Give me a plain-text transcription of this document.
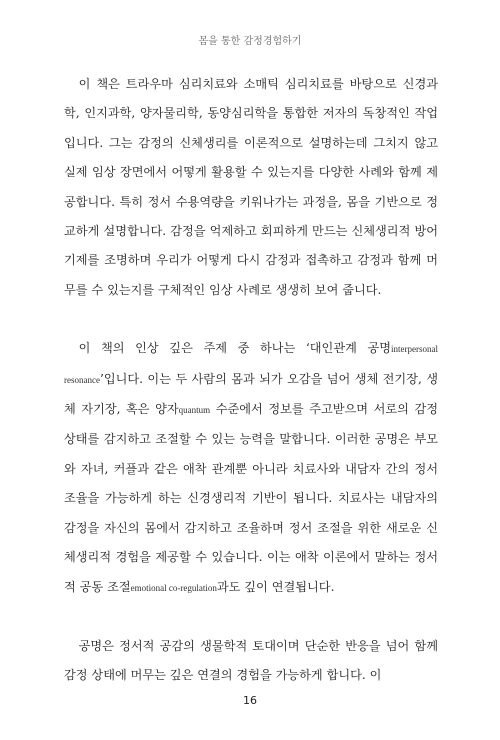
몸을 통한 감정경험하기

이 책은 트라우마 심리치료와 소매틱 심리치료를 바탕으로 신경과학, 인지과학, 양자물리학, 동양심리학을 통합한 저자의 독창적인 작업입니다. 그는 감정의 신체생리를 이론적으로 설명하는데 그치지 않고 실제 임상 장면에서 어떻게 활용할 수 있는지를 다양한 사례와 함께 제공합니다. 특히 정서 수용역량을 키워나가는 과정을, 몸을 기반으로 정교하게 설명합니다. 감정을 억제하고 회피하게 만드는 신체생리적 방어기제를 조명하며 우리가 어떻게 다시 감정과 접촉하고 감정과 함께 머무를 수 있는지를 구체적인 임상 사례로 생생히 보여 줍니다.

이 책의 인상 깊은 주제 중 하나는 ‘대인관계 공명interpersonal resonance’입니다. 이는 두 사람의 몸과 뇌가 오감을 넘어 생체 전기장, 생체 자기장, 혹은 양자quantum 수준에서 정보를 주고받으며 서로의 감정 상태를 감지하고 조절할 수 있는 능력을 말합니다. 이러한 공명은 부모와 자녀, 커플과 같은 애착 관계뿐 아니라 치료사와 내담자 간의 정서 조율을 가능하게 하는 신경생리적 기반이 됩니다. 치료사는 내담자의 감정을 자신의 몸에서 감지하고 조율하며 정서 조절을 위한 새로운 신체생리적 경험을 제공할 수 있습니다. 이는 애착 이론에서 말하는 정서적 공동 조절emotional co-regulation과도 깊이 연결됩니다.

공명은 정서적 공감의 생물학적 토대이며 단순한 반응을 넘어 함께 감정 상태에 머무는 깊은 연결의 경험을 가능하게 합니다. 이

16
